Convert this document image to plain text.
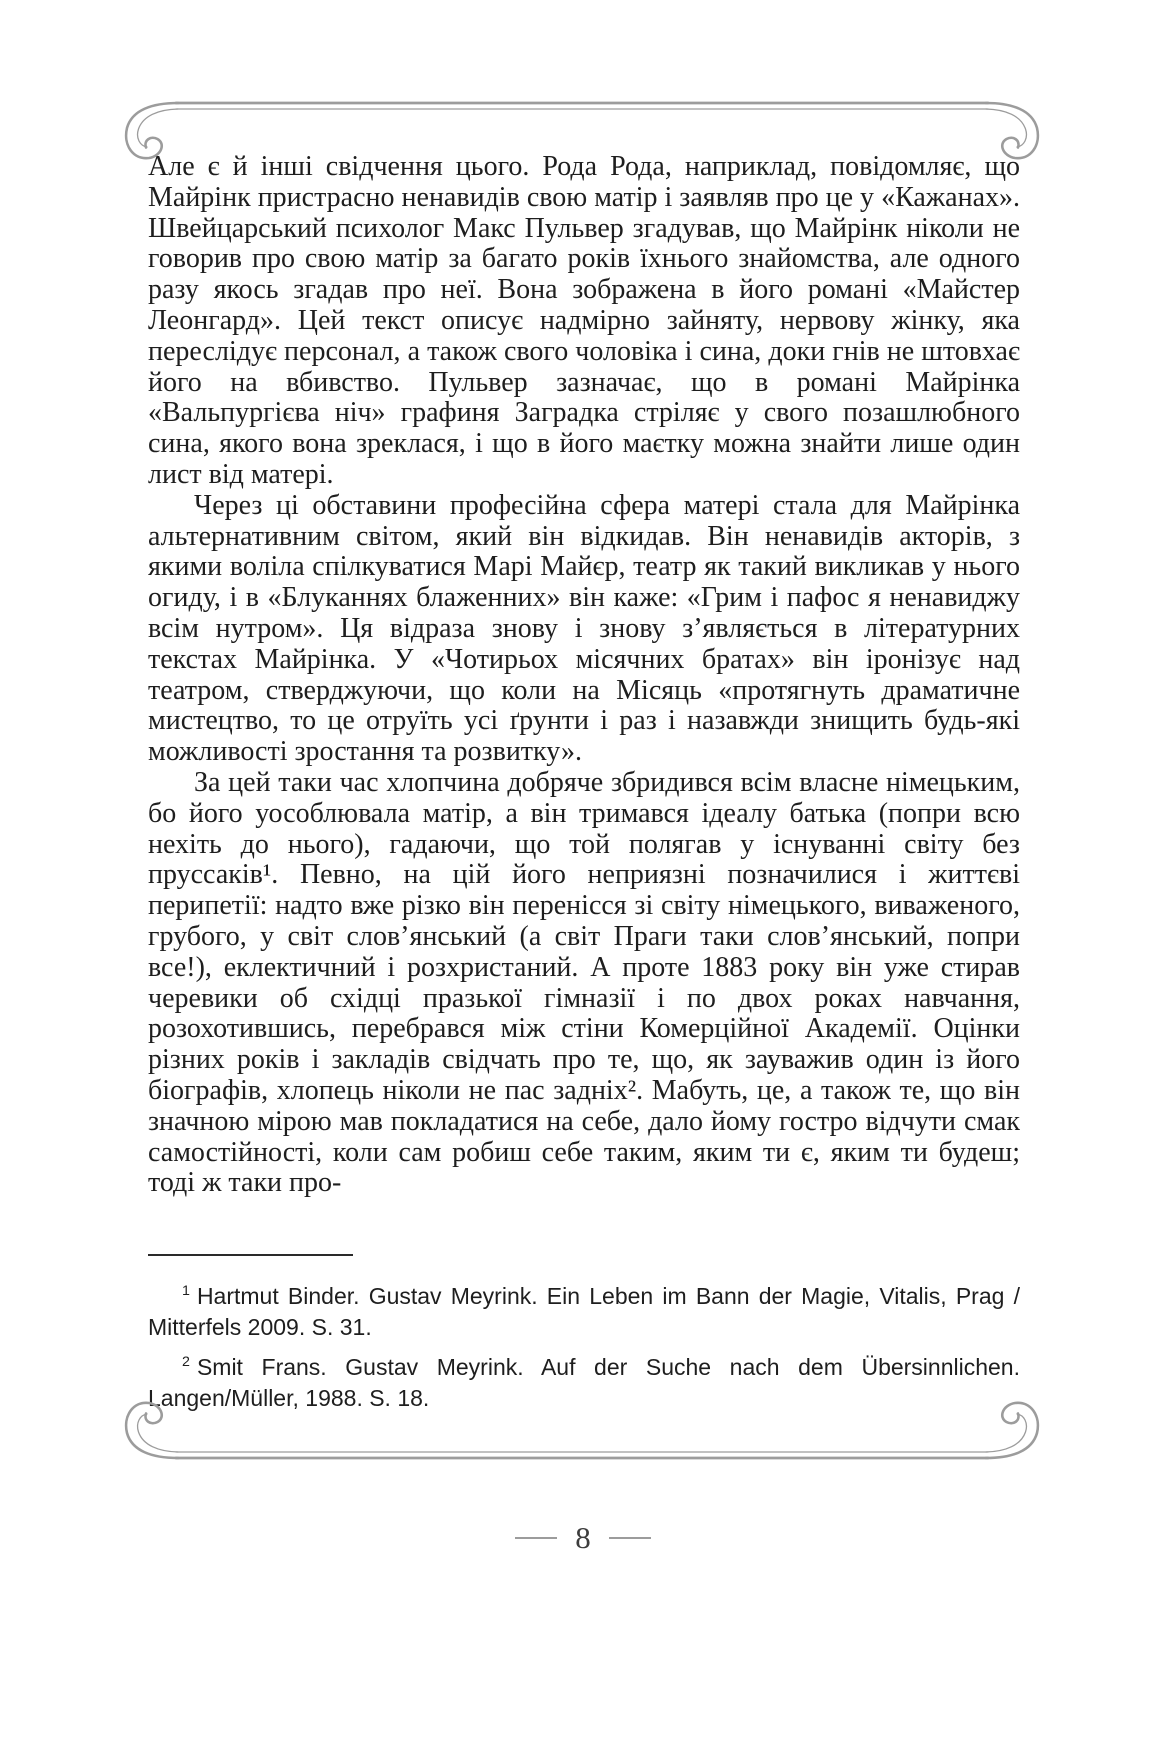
Але є й інші свідчення цього. Рода Рода, наприклад, повідомляє, що Майрінк пристрасно ненавидів свою матір і заявляв про це у «Кажанах». Швейцарський психолог Макс Пульвер згадував, що Майрінк ніколи не говорив про свою матір за багато років їхнього знайомства, але одного разу якось згадав про неї. Вона зображена в його романі «Майстер Леонгард». Цей текст описує надмірно зайняту, нервову жінку, яка переслідує персонал, а також свого чоловіка і сина, доки гнів не штовхає його на вбивство. Пульвер зазначає, що в романі Майрінка «Вальпургієва ніч» графиня Заградка стріляє у свого позашлюбного сина, якого вона зреклася, і що в його маєтку можна знайти лише один лист від матері.

Через ці обставини професійна сфера матері стала для Майрінка альтернативним світом, який він відкидав. Він ненавидів акторів, з якими воліла спілкуватися Марі Майєр, театр як такий викликав у нього огиду, і в «Блуканнях блаженних» він каже: «Грим і пафос я ненавиджу всім нутром». Ця відраза знову і знову з’являється в літературних текстах Майрінка. У «Чотирьох місячних братах» він іронізує над театром, стверджуючи, що коли на Місяць «протягнуть драматичне мистецтво, то це отруїть усі ґрунти і раз і назавжди знищить будь-які можливості зростання та розвитку».

За цей таки час хлопчина добряче збридився всім власне німецьким, бо його уособлювала матір, а він тримався ідеалу батька (попри всю нехіть до нього), гадаючи, що той полягав у існуванні світу без пруссаків¹. Певно, на цій його неприязні позначилися і життєві перипетії: надто вже різко він перенісся зі світу німецького, виваженого, грубого, у світ слов’янський (а світ Праги таки слов’янський, попри все!), еклектичний і розхристаний. А проте 1883 року він уже стирав черевики об східці празької гімназії і по двох роках навчання, розохотившись, перебрався між стіни Комерційної Академії. Оцінки різних років і закладів свідчать про те, що, як зауважив один із його біографів, хлопець ніколи не пас задніх². Мабуть, це, а також те, що він значною мірою мав покладатися на себе, дало йому гостро відчути смак самостійності, коли сам робиш себе таким, яким ти є, яким ти будеш; тоді ж таки про-

$^1$ Hartmut Binder. Gustav Meyrink. Ein Leben im Bann der Magie, Vitalis, Prag / Mitterfels 2009. S. 31.

$^2$ Smit Frans. Gustav Meyrink. Auf der Suche nach dem Übersinnlichen. Langen/Müller, 1988. S. 18.

8
